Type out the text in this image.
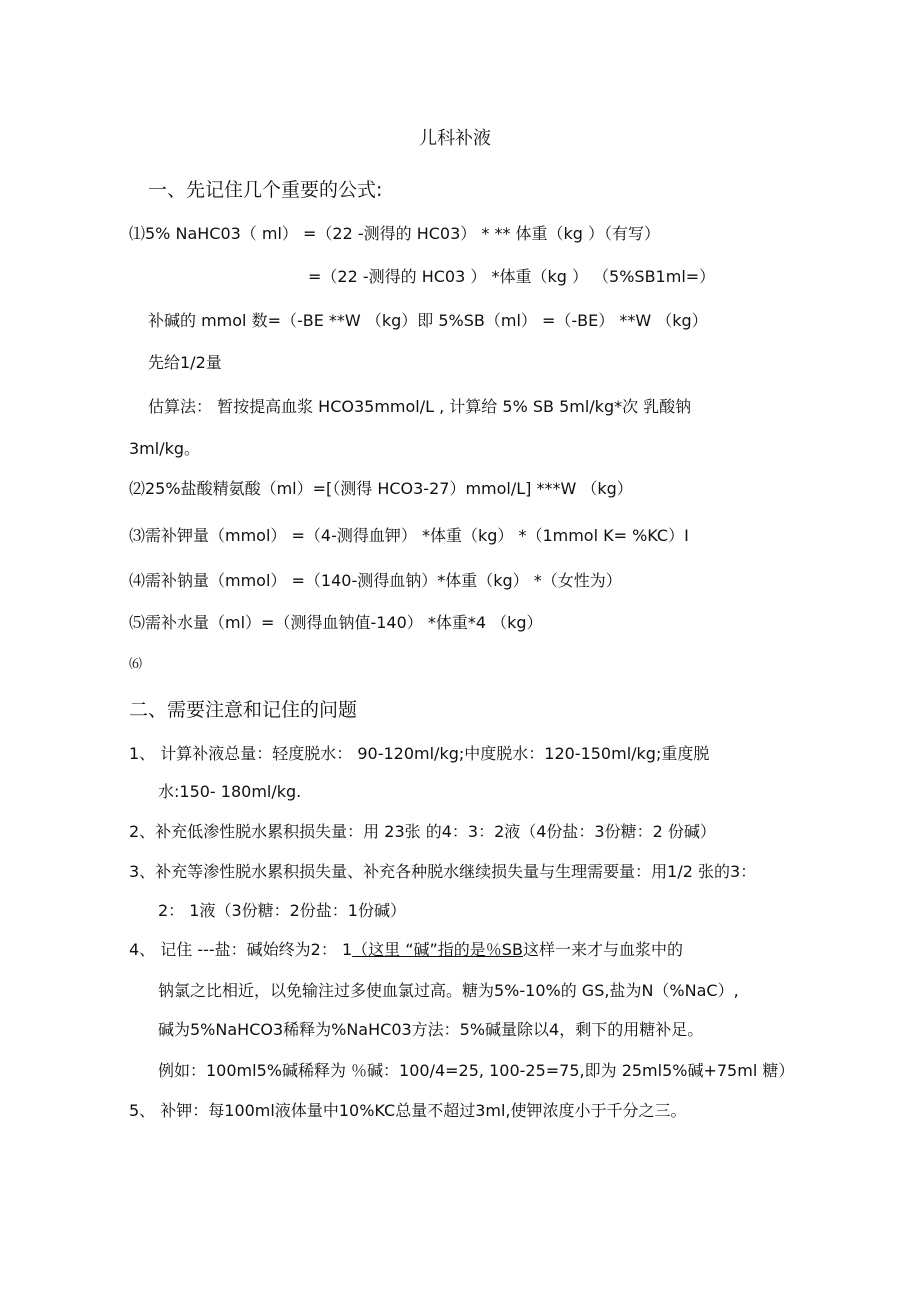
儿科补液
一、先记住几个重要的公式:
⑴5% NaHC03（ ml） =（22 -测得的 HC03） * ** 体重（kg ）（有写）
=（22 -测得的 HC03 ） *体重（kg ） （5%SB1ml=）
补碱的 mmol 数=（-BE **W （kg）即 5%SB（ml） =（-BE） **W （kg）
先给1/2量
估算法： 暂按提高血浆 HCO35mmol/L , 计算给 5% SB 5ml/kg*次 乳酸钠
3ml/kg。
⑵25%盐酸精氨酸（ml）=[（测得 HCO3-27）mmol/L] ***W （kg）
⑶需补钾量（mmol） =（4-测得血钾） *体重（kg） *（1mmol K= %KC）I
⑷需补钠量（mmol） =（140-测得血钠）*体重（kg） *（女性为）
⑸需补水量（ml）=（测得血钠值-140） *体重*4 （kg）
⑹
二、需要注意和记住的问题
1、 计算补液总量：轻度脱水： 90-120ml/kg;中度脱水：120-150ml/kg;重度脱
水:150- 180ml/kg.
2、补充低渗性脱水累积损失量：用 23张 的4：3：2液（4份盐：3份糖：2 份碱）
3、补充等渗性脱水累积损失量、补充各种脱水继续损失量与生理需要量：用1/2 张的3：
2： 1液（3份糖：2份盐：1份碱）
4、 记住 ---盐：碱始终为2： 1（这里 “碱”指的是％SB这样一来才与血浆中的
钠氯之比相近，以免输注过多使血氯过高。糖为5%-10%的 GS,盐为N（%NaC）,
碱为5%NaHCO3稀释为%NaHC03方法：5%碱量除以4，剩下的用糖补足。
例如：100ml5%碱稀释为 ％碱：100/4=25, 100-25=75,即为 25ml5%碱+75ml 糖）
5、 补钾：每100ml液体量中10%KC总量不超过3ml,使钾浓度小于千分之三。
